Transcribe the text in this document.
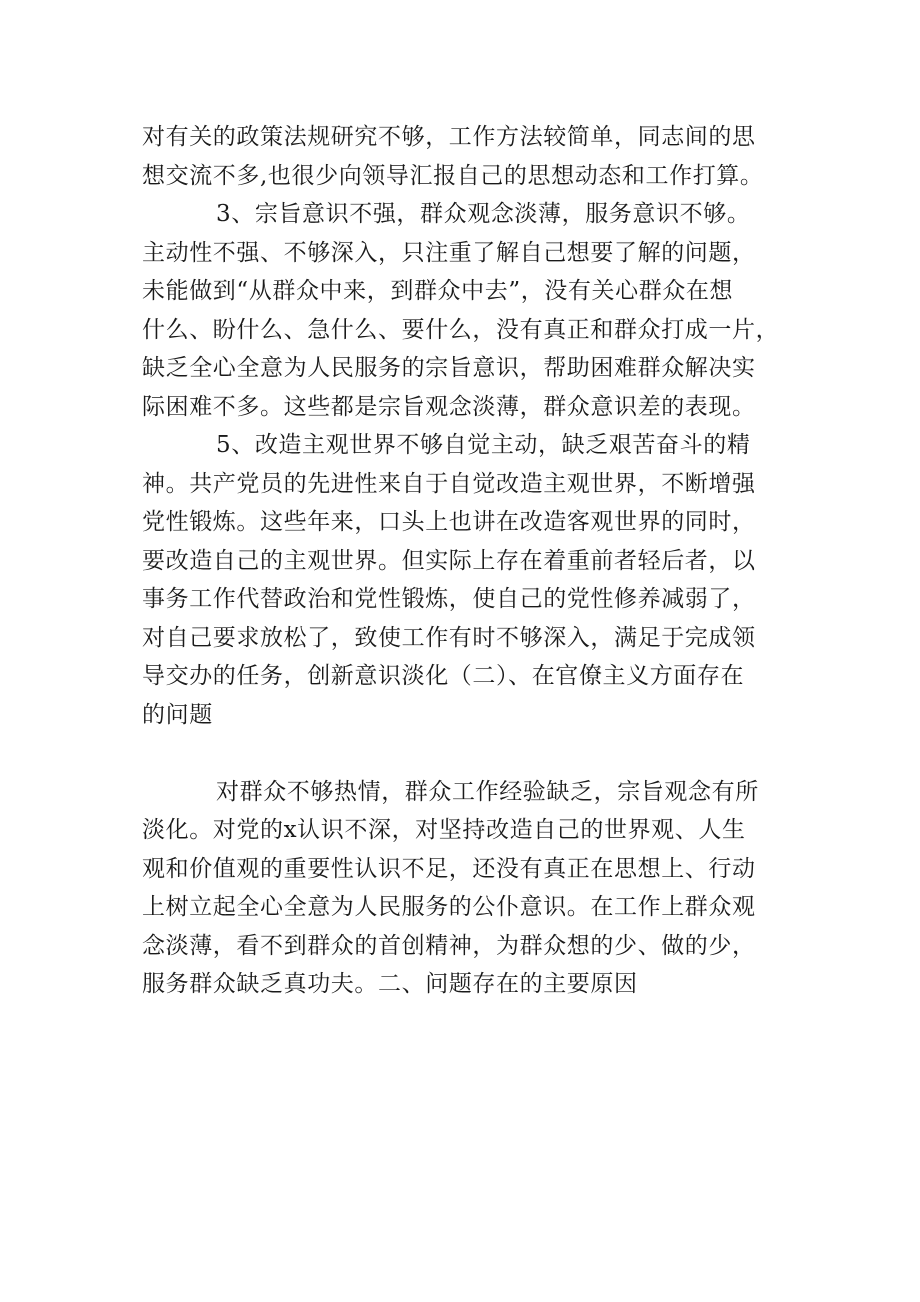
对有关的政策法规研究不够，工作方法较简单，同志间的思
想交流不多,也很少向领导汇报自己的思想动态和工作打算。
3、宗旨意识不强，群众观念淡薄，服务意识不够。
主动性不强、不够深入，只注重了解自己想要了解的问题，
未能做到“从群众中来，到群众中去”，没有关心群众在想
什么、盼什么、急什么、要什么，没有真正和群众打成一片，
缺乏全心全意为人民服务的宗旨意识，帮助困难群众解决实
际困难不多。这些都是宗旨观念淡薄，群众意识差的表现。
5、改造主观世界不够自觉主动，缺乏艰苦奋斗的精
神。共产党员的先进性来自于自觉改造主观世界，不断增强
党性锻炼。这些年来，口头上也讲在改造客观世界的同时，
要改造自己的主观世界。但实际上存在着重前者轻后者，以
事务工作代替政治和党性锻炼，使自己的党性修养减弱了，
对自己要求放松了，致使工作有时不够深入，满足于完成领
导交办的任务，创新意识淡化（二）、在官僚主义方面存在
的问题
对群众不够热情，群众工作经验缺乏，宗旨观念有所
淡化。对党的x认识不深，对坚持改造自己的世界观、人生
观和价值观的重要性认识不足，还没有真正在思想上、行动
上树立起全心全意为人民服务的公仆意识。在工作上群众观
念淡薄，看不到群众的首创精神，为群众想的少、做的少，
服务群众缺乏真功夫。二、问题存在的主要原因
